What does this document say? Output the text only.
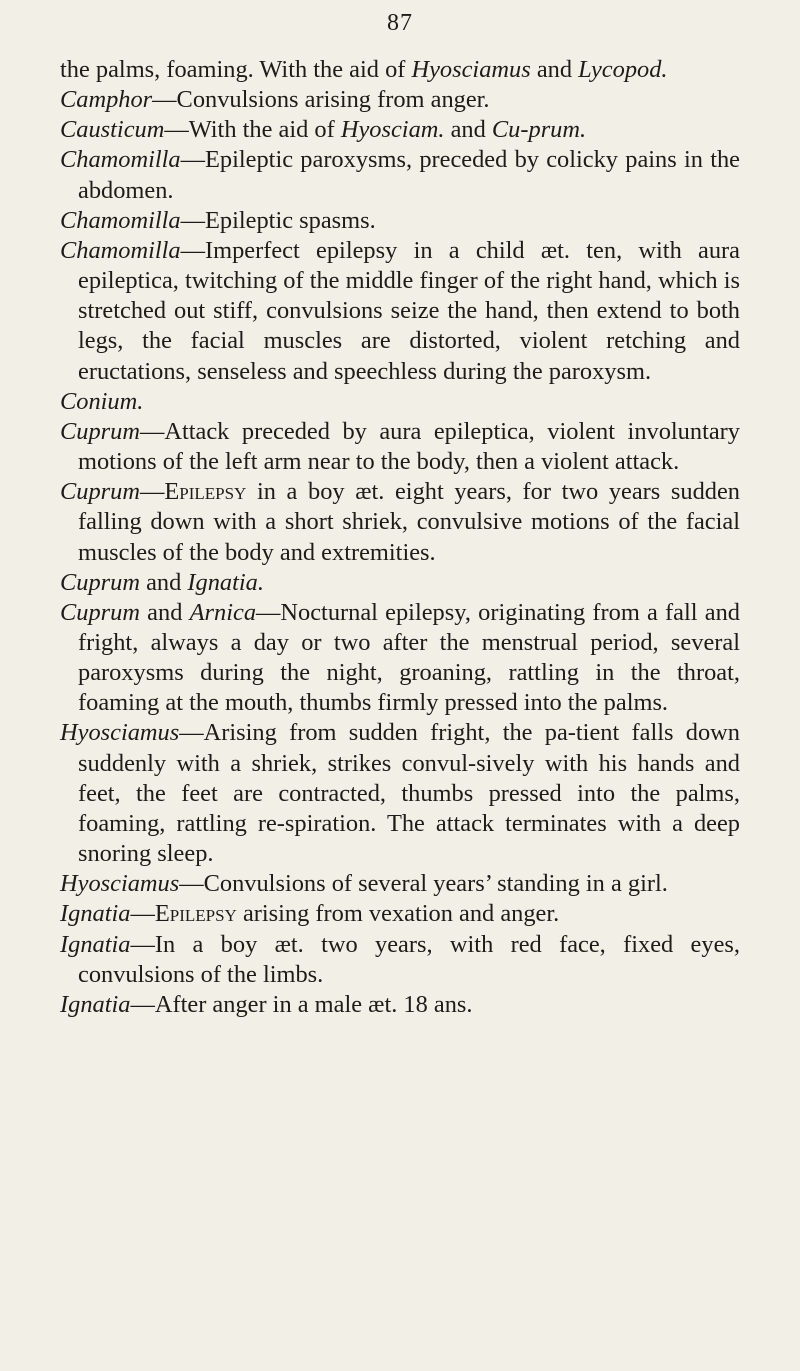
87

the palms, foaming. With the aid of Hyosciamus and Lycopod.

Camphor—Convulsions arising from anger.

Causticum—With the aid of Hyosciam. and Cu-prum.

Chamomilla—Epileptic paroxysms, preceded by colicky pains in the abdomen.

Chamomilla—Epileptic spasms.

Chamomilla—Imperfect epilepsy in a child æt. ten, with aura epileptica, twitching of the middle finger of the right hand, which is stretched out stiff, convulsions seize the hand, then extend to both legs, the facial muscles are distorted, violent retching and eructations, senseless and speechless during the paroxysm.

Conium.

Cuprum—Attack preceded by aura epileptica, violent involuntary motions of the left arm near to the body, then a violent attack.

Cuprum—Epilepsy in a boy æt. eight years, for two years sudden falling down with a short shriek, convulsive motions of the facial muscles of the body and extremities.

Cuprum and Ignatia.

Cuprum and Arnica—Nocturnal epilepsy, originating from a fall and fright, always a day or two after the menstrual period, several paroxysms during the night, groaning, rattling in the throat, foaming at the mouth, thumbs firmly pressed into the palms.

Hyosciamus—Arising from sudden fright, the pa-tient falls down suddenly with a shriek, strikes convul-sively with his hands and feet, the feet are contracted, thumbs pressed into the palms, foaming, rattling re-spiration. The attack terminates with a deep snoring sleep.

Hyosciamus—Convulsions of several years’ standing in a girl.

Ignatia—Epilepsy arising from vexation and anger.

Ignatia—In a boy æt. two years, with red face, fixed eyes, convulsions of the limbs.

Ignatia—After anger in a male æt. 18 ans.
